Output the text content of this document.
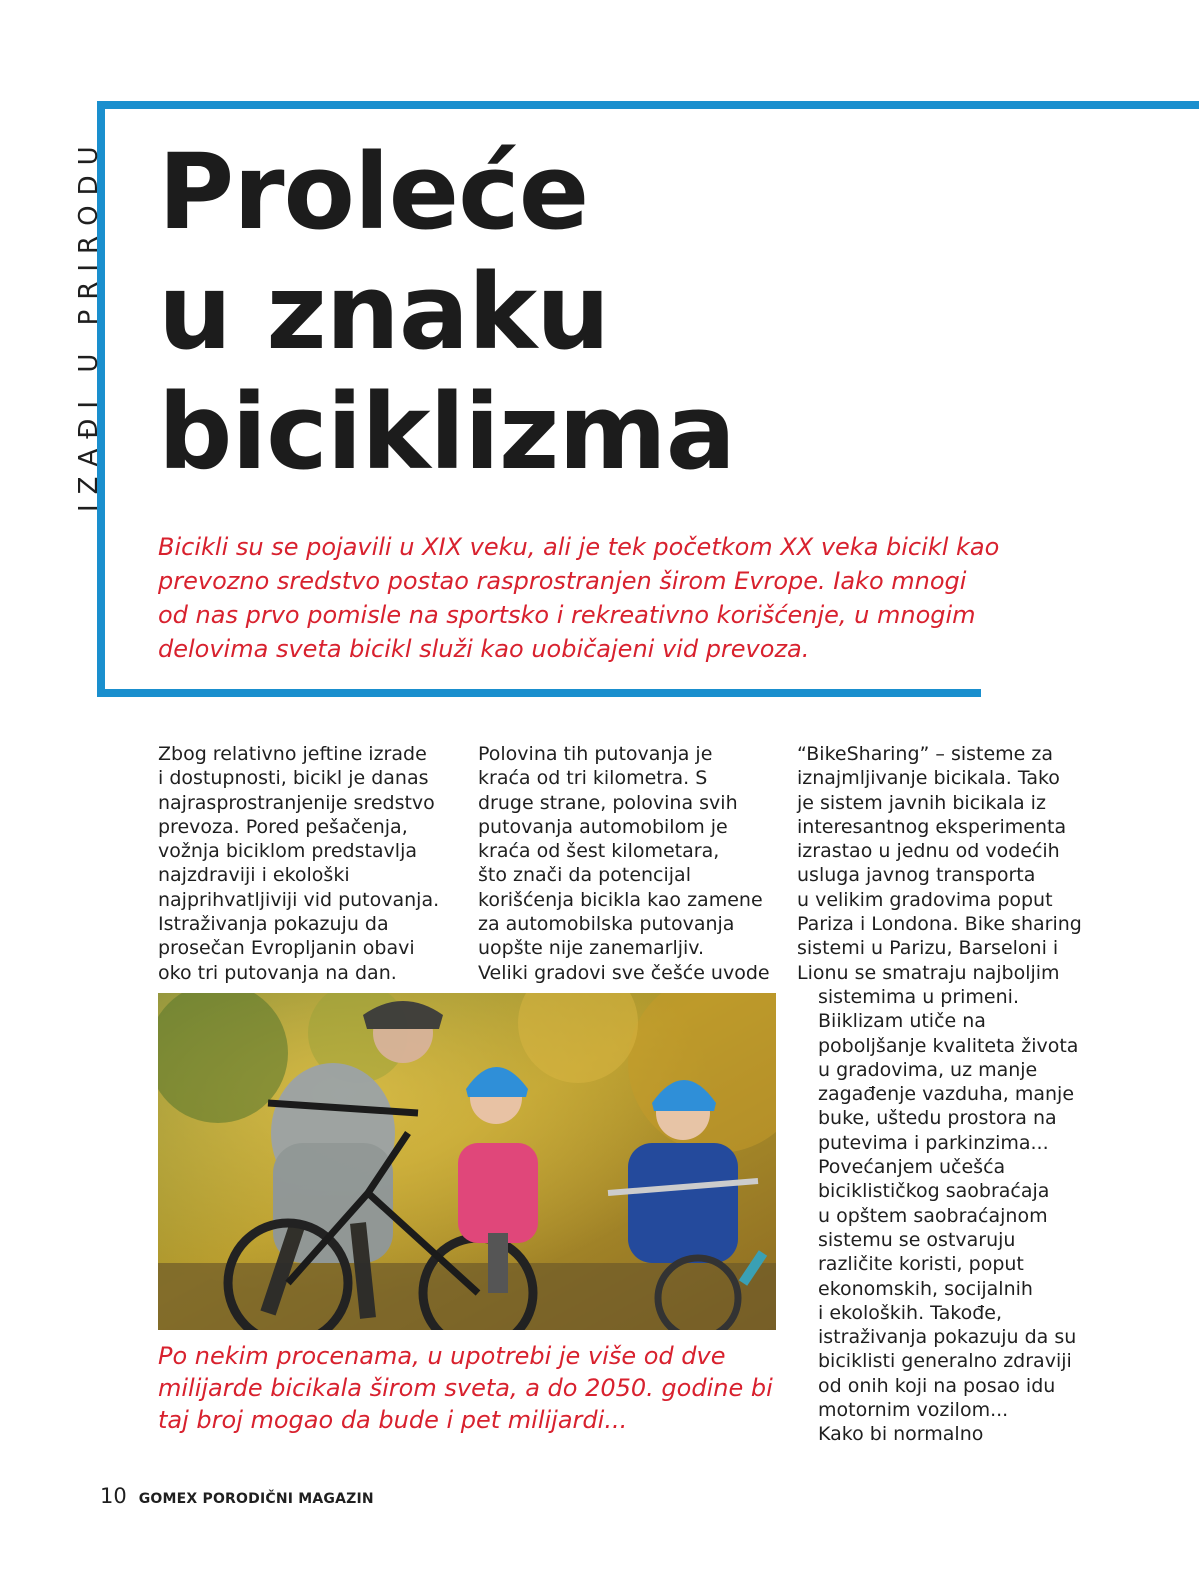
IZAĐI U PRIRODU Proleće
u znaku
biciklizma

Bicikli su se pojavili u XIX veku, ali je tek početkom XX veka bicikl kao
prevozno sredstvo postao rasprostranjen širom Evrope. Iako mnogi
od nas prvo pomisle na sportsko i rekreativno korišćenje, u mnogim
delovima sveta bicikl služi kao uobičajeni vid prevoza.

Zbog relativno jeftine izrade
i dostupnosti, bicikl je danas
najrasprostranjenije sredstvo
prevoza. Pored pešačenja,
vožnja biciklom predstavlja
najzdraviji i ekološki
najprihvatljiviji vid putovanja.
Istraživanja pokazuju da
prosečan Evropljanin obavi
oko tri putovanja na dan.
Polovina tih putovanja je
kraća od tri kilometra. S
druge strane, polovina svih
putovanja automobilom je
kraća od šest kilometara,
što znači da potencijal
korišćenja bicikla kao zamene
za automobilska putovanja
uopšte nije zanemarljiv.
Veliki gradovi sve češće uvode
“BikeSharing” – sisteme za
iznajmljivanje bicikala. Tako
je sistem javnih bicikala iz
interesantnog eksperimenta
izrastao u jednu od vodećih
usluga javnog transporta
u velikim gradovima poput
Pariza i Londona. Bike sharing
sistemi u Parizu, Barseloni i
Lionu se smatraju najboljim
sistemima u primeni.
Biiklizam utiče na
poboljšanje kvaliteta života
u gradovima, uz manje
zagađenje vazduha, manje
buke, uštedu prostora na
putevima i parkinzima...
Povećanjem učešća
biciklističkog saobraćaja
u opštem saobraćajnom
sistemu se ostvaruju
različite koristi, poput
ekonomskih, socijalnih
i ekoloških. Takođe,
istraživanja pokazuju da su
biciklisti generalno zdraviji
od onih koji na posao idu
motornim vozilom...
Kako bi normalno

Po nekim procenama, u upotrebi je više od dve
milijarde bicikala širom sveta, a do 2050. godine bi
taj broj mogao da bude i pet milijardi...

10 GOMEX PORODIČNI MAGAZIN
